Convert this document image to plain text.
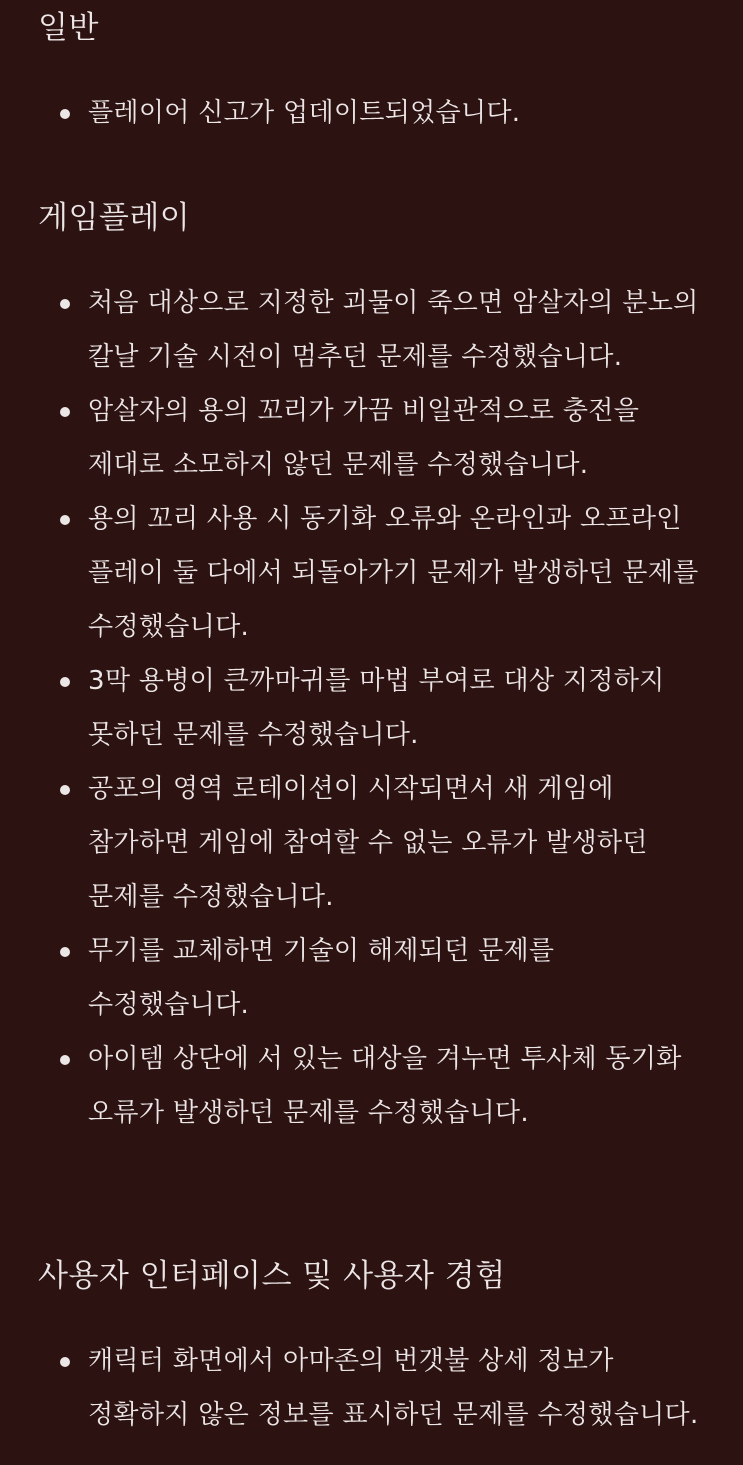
일반
플레이어 신고가 업데이트되었습니다.
게임플레이
처음 대상으로 지정한 괴물이 죽으면 암살자의 분노의 칼날 기술 시전이 멈추던 문제를 수정했습니다.
암살자의 용의 꼬리가 가끔 비일관적으로 충전을 제대로 소모하지 않던 문제를 수정했습니다.
용의 꼬리 사용 시 동기화 오류와 온라인과 오프라인 플레이 둘 다에서 되돌아가기 문제가 발생하던 문제를 수정했습니다.
3막 용병이 큰까마귀를 마법 부여로 대상 지정하지 못하던 문제를 수정했습니다.
공포의 영역 로테이션이 시작되면서 새 게임에 참가하면 게임에 참여할 수 없는 오류가 발생하던 문제를 수정했습니다.
무기를 교체하면 기술이 해제되던 문제를 수정했습니다.
아이템 상단에 서 있는 대상을 겨누면 투사체 동기화 오류가 발생하던 문제를 수정했습니다.
사용자 인터페이스 및 사용자 경험
캐릭터 화면에서 아마존의 번갯불 상세 정보가 정확하지 않은 정보를 표시하던 문제를 수정했습니다.
